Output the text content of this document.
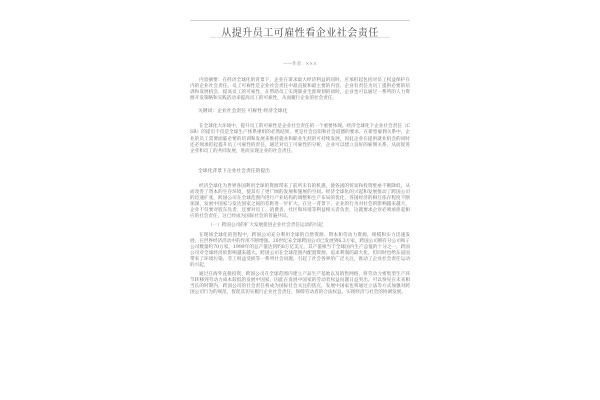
从提升员工可雇性看企业社会责任
——作者：×××

内容摘要：在经济全球化的背景下，企业在谋求最大经济利益的同时，应承担起包括对员工权益保护在内的企业社会责任。员工可雇性是企业社会责任中最直接和最主要的内容，企业有责任为员工提供必要的培训和发展机会，提高员工的可雇性，在帮助员工实现职业生涯规划的同时，企业也可以通过一系列的人力资源开发策略和实践活动来提高员工的可雇性，从而履行企业的社会责任。

关键词：企业社会责任 可雇性 经济全球化

在全球化大环境中，提升员工的可雇性是企业社会责任的一个重要体现。经济全球化下企业社会责任（CSR）的提出不仅是全球生产体系重组的必然结果，更是社会良知和社会道德的要求。在新型雇佣关系中，企业的员工需要面临必要的培训和发展来维持就业和职业生涯的可持续发展，因此企业在提供就业机会的同时还必须承担起提升员工可雇性的责任。通过对员工可雇性的分析，企业可以建立良好的雇佣关系，从而促进企业和员工的共同发展，进而实现企业的社会责任。

全球化背景下企业社会责任的提出

经济全球化为世界各国利用全球的资源带来了前所未有的机遇，使各国的贸易和投资壁垒不断降低，从而改善了资本的生存环境，使其有了更广阔的发展和施展的空间。经济全球化的兴起和发展推动了跨国公司的迅速扩张，跨国公司在全球范围内进行产业结构的调整和生产布局的优化，各国经济的相互依存程度不断加深，发展中国家与发达国家之间的差距进一步扩大。在这一背景下，企业的行为对社会的影响越来越大，企业不仅要对股东负责，还要对员工、消费者、社区和环境等利益相关者负责，这就要求企业必须承担起相应的社会责任，这已经成为国际社会的普遍共识。

（一）跨国公司的扩大发展促进企业社会责任运动的兴起

在现场全球化的进程中，跨国公司充分利用全球的自然资源、资本和劳动力资源，规模和实力迅速发展，在世界经济活动中的作用不断增强。20世纪末全球跨国公司已发展到6.3万家，跨国公司拥有分公司和子公司数量约70万家，1999年的总产值达到约8万亿美元，其产值相当于全球国内生产总值的十分之一，跨国公司对全球经济的影响越来越大。跨国公司在全球范围内配置资源，追求利润的最大化，但同时也给东道国带来了环境污染、劳工权益受损等一系列社会问题，引起了社会各界的广泛关注，推动了企业社会责任运动的兴起。

通过在海外直接投资，跨国公司在全球范围内建立产品生产基地以及销售网络，将劳动力密集型生产环节转移到劳动力成本较低的发展中国家，因此在发展中国家的劳动者权益问题日益突出。可以预见在未来相当长的时期内，跨国公司的社会责任将成为国际社会关注的焦点，发展中国家也将通过立法等方式加强对跨国公司行为的规范，督促其切实履行企业社会责任，保障劳动者的合法权益，实现经济与社会的协调发展。
